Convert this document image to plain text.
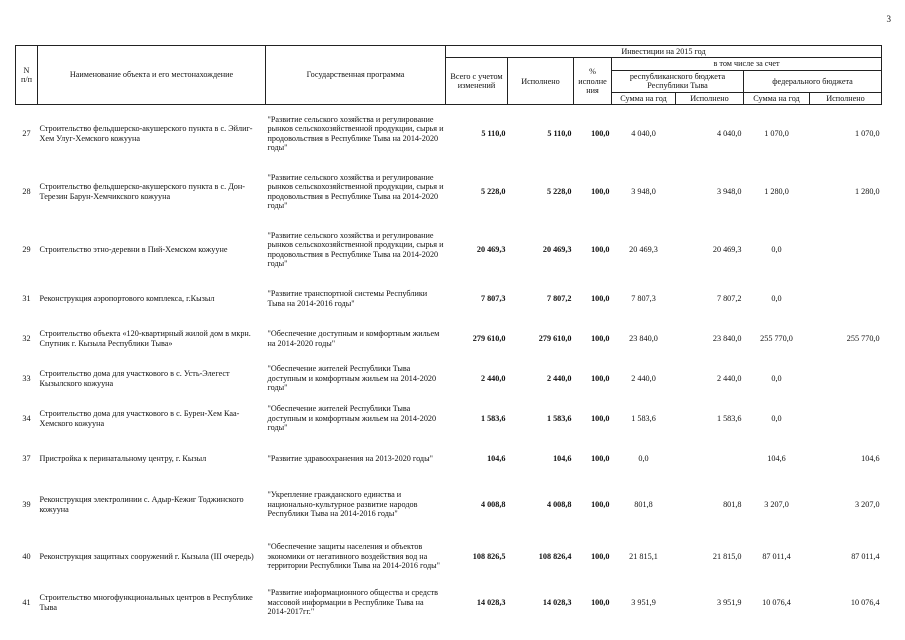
3
N
п/п	Наименование объекта и его местонахождение	Государственная программа	Инвестиции на 2015 год						
			Всего с учетом изменений	Исполнено	% исполне ния	в том числе за счет			
						республиканского бюджета Республики Тыва		федерального бюджета	
						Сумма на год	Исполнено	Сумма на год	Исполнено
27	Строительство фельдшерско-акушерского пункта в с. Эйлиг-Хем Улуг-Хемского кожууна	"Развитие сельского хозяйства и регулирование рынков сельскохозяйственной продукции, сырья и продовольствия в Республике Тыва на 2014-2020 годы"	5 110,0	5 110,0	100,0	4 040,0	4 040,0	1 070,0	1 070,0
28	Строительство фельдшерско-акушерского пункта в с. Дон-Терезин Барун-Хемчикского кожууна	"Развитие сельского хозяйства и регулирование рынков сельскохозяйственной продукции, сырья и продовольствия в Республике Тыва на 2014-2020 годы"	5 228,0	5 228,0	100,0	3 948,0	3 948,0	1 280,0	1 280,0
29	Строительство этно-деревни в Пий-Хемском кожууне	"Развитие сельского хозяйства и регулирование рынков сельскохозяйственной продукции, сырья и продовольствия в Республике Тыва на 2014-2020 годы"	20 469,3	20 469,3	100,0	20 469,3	20 469,3	0,0	
31	Реконструкция аэропортового комплекса, г.Кызыл	"Развитие транспортной системы Республики Тыва на 2014-2016 годы"	7 807,3	7 807,2	100,0	7 807,3	7 807,2	0,0	
32	Строительство объекта «120-квартирный жилой дом в мкрн. Спутник г. Кызыла Республики Тыва»	"Обеспечение доступным и комфортным жильем на 2014-2020 годы"	279 610,0	279 610,0	100,0	23 840,0	23 840,0	255 770,0	255 770,0
33	Строительство дома для участкового в с. Усть-Элегест Кызылского кожууна	"Обеспечение жителей Республики Тыва доступным и комфортным жильем на 2014-2020 годы"	2 440,0	2 440,0	100,0	2 440,0	2 440,0	0,0	
34	Строительство дома для участкового в с. Бурен-Хем Каа-Хемского кожууна	"Обеспечение жителей Республики Тыва доступным и комфортным жильем на 2014-2020 годы"	1 583,6	1 583,6	100,0	1 583,6	1 583,6	0,0	
37	Пристройка к перинатальному центру, г. Кызыл	"Развитие здравоохранения на 2013-2020 годы"	104,6	104,6	100,0	0,0		104,6	104,6
39	Реконструкция электролинии с. Адыр-Кежиг Тоджинского кожууна	"Укрепление гражданского единства и национально-культурное развитие народов Республики Тыва на 2014-2016 годы"	4 008,8	4 008,8	100,0	801,8	801,8	3 207,0	3 207,0
40	Реконструкция защитных сооружений г. Кызыла (III очередь)	"Обеспечение защиты населения и объектов экономики от негативного воздействия вод на территории Республики Тыва на 2014-2016 годы"	108 826,5	108 826,4	100,0	21 815,1	21 815,0	87 011,4	87 011,4
41	Строительство многофункциональных центров в Республике Тыва	"Развитие информационного общества и средств массовой информации в Республике Тыва на 2014-2017гг."	14 028,3	14 028,3	100,0	3 951,9	3 951,9	10 076,4	10 076,4
